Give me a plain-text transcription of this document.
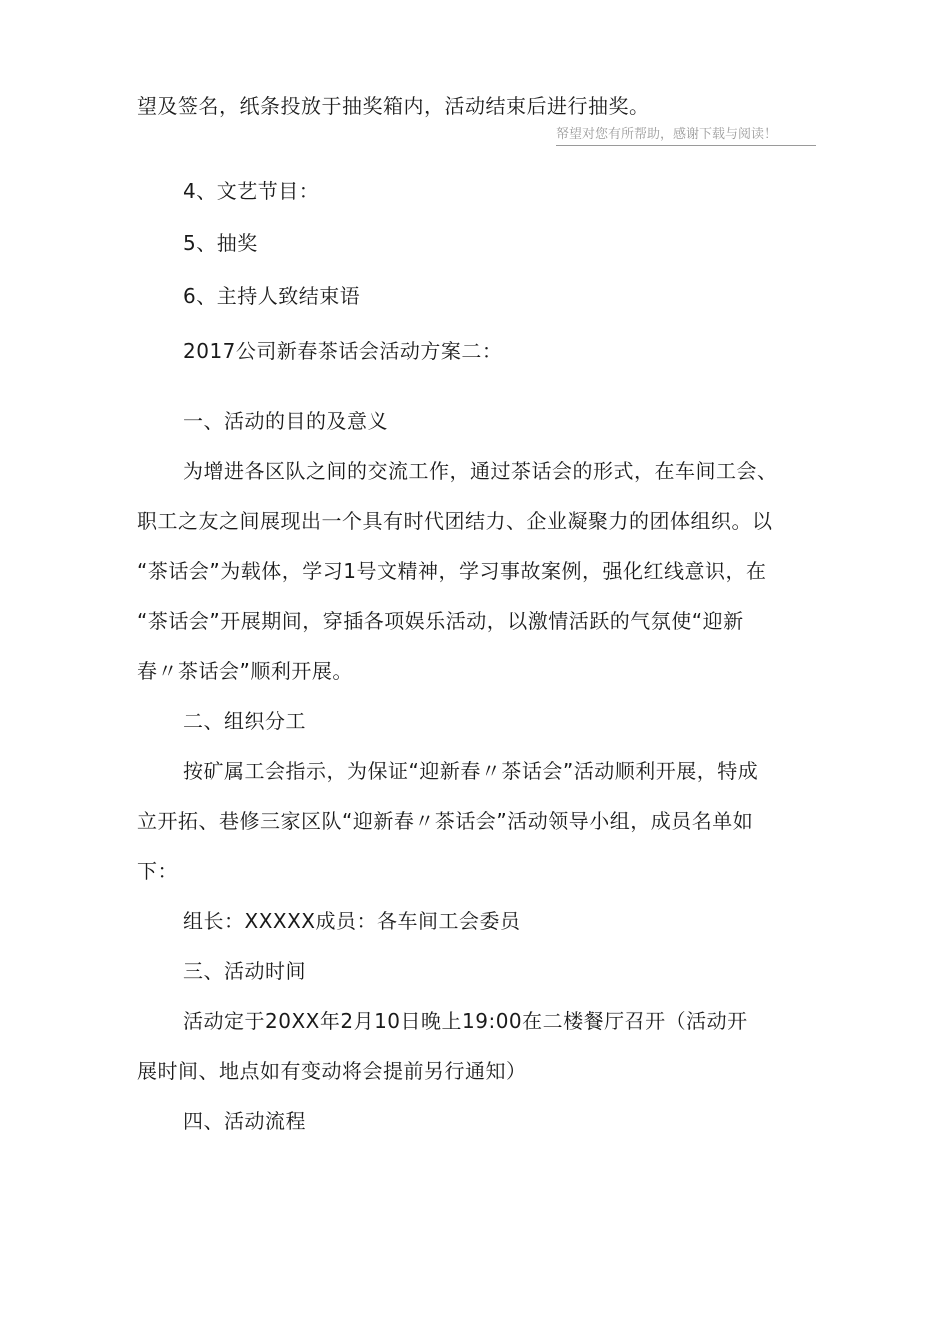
望及签名，纸条投放于抽奖箱内，活动结束后进行抽奖。
帑望对您有所帮助，感谢下载与阅读！
4、文艺节目：
5、抽奖
6、主持人致结束语
2017公司新春茶话会活动方案二：
一、活动的目的及意义
为增进各区队之间的交流工作，通过茶话会的形式，在车间工会、
职工之友之间展现出一个具有时代团结力、企业凝聚力的团体组织。以
“茶话会”为载体，学习1号文精神，学习事故案例，强化红线意识，在
“茶话会”开展期间，穿插各项娱乐活动，以激情活跃的气氛使“迎新
春〃茶话会”顺利开展。
二、组织分工
按矿属工会指示，为保证“迎新春〃茶话会”活动顺利开展，特成
立开拓、巷修三家区队“迎新春〃茶话会”活动领导小组，成员名单如
下：
组长：XXXXX成员：各车间工会委员
三、活动时间
活动定于20XX年2月10日晚上19:00在二楼餐厅召开（活动开
展时间、地点如有变动将会提前另行通知）
四、活动流程
